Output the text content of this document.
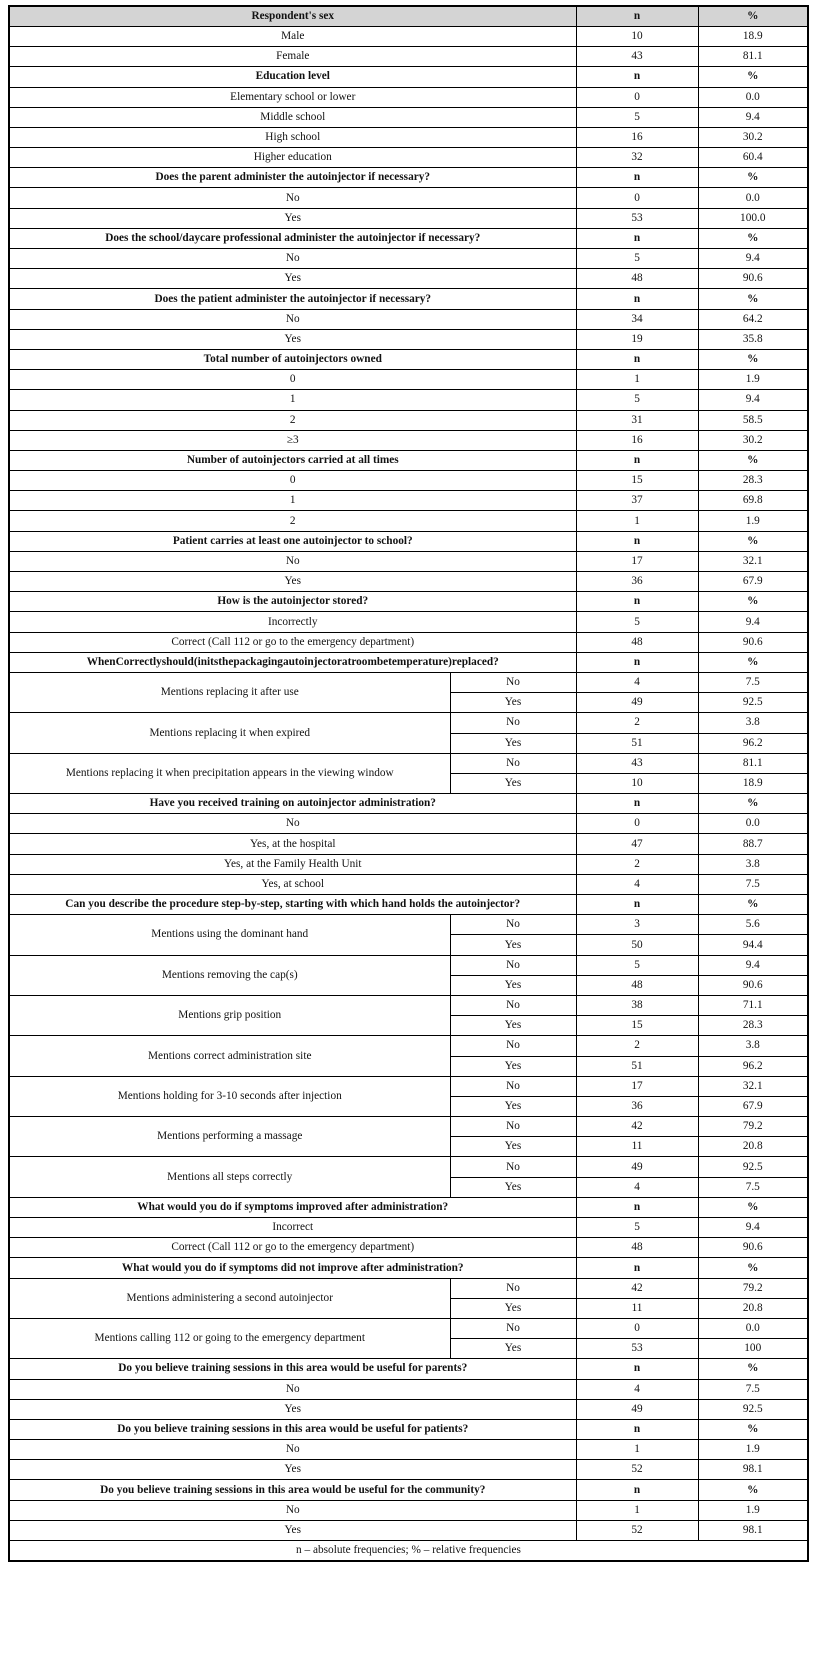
Respondent's sex		n	%
Male		10	18.9
Female		43	81.1
Education level		n	%
Elementary school or lower		0	0.0
Middle school		5	9.4
High school		16	30.2
Higher education		32	60.4
Does the parent administer the autoinjector if necessary?		n	%
No		0	0.0
Yes		53	100.0
Does the school/daycare professional administer the autoinjector if necessary?		n	%
No		5	9.4
Yes		48	90.6
Does the patient administer the autoinjector if necessary?		n	%
No		34	64.2
Yes		19	35.8
Total number of autoinjectors owned		n	%
0		1	1.9
1		5	9.4
2		31	58.5
≥3		16	30.2
Number of autoinjectors carried at all times		n	%
0		15	28.3
1		37	69.8
2		1	1.9
Patient carries at least one autoinjector to school?		n	%
No		17	32.1
Yes		36	67.9
How is the autoinjector stored?		n	%
Incorrectly		5	9.4
Correct (Call 112 or go to the emergency department)		48	90.6
WhenCorrectlyshould(initsthepackagingautoinjectoratroombetemperature)replaced?		n	%
Mentions replacing it after use	No	4	7.5
	Yes	49	92.5
Mentions replacing it when expired	No	2	3.8
	Yes	51	96.2
Mentions replacing it when precipitation appears in the viewing window	No	43	81.1
	Yes	10	18.9
Have you received training on autoinjector administration?		n	%
No		0	0.0
Yes, at the hospital		47	88.7
Yes, at the Family Health Unit		2	3.8
Yes, at school		4	7.5
Can you describe the procedure step-by-step, starting with which hand holds the autoinjector?		n	%
Mentions using the dominant hand	No	3	5.6
	Yes	50	94.4
Mentions removing the cap(s)	No	5	9.4
	Yes	48	90.6
Mentions grip position	No	38	71.1
	Yes	15	28.3
Mentions correct administration site	No	2	3.8
	Yes	51	96.2
Mentions holding for 3-10 seconds after injection	No	17	32.1
	Yes	36	67.9
Mentions performing a massage	No	42	79.2
	Yes	11	20.8
Mentions all steps correctly	No	49	92.5
	Yes	4	7.5
What would you do if symptoms improved after administration?		n	%
Incorrect		5	9.4
Correct (Call 112 or go to the emergency department)		48	90.6
What would you do if symptoms did not improve after administration?		n	%
Mentions administering a second autoinjector	No	42	79.2
	Yes	11	20.8
Mentions calling 112 or going to the emergency department	No	0	0.0
	Yes	53	100
Do you believe training sessions in this area would be useful for parents?		n	%
No		4	7.5
Yes		49	92.5
Do you believe training sessions in this area would be useful for patients?		n	%
No		1	1.9
Yes		52	98.1
Do you believe training sessions in this area would be useful for the community?		n	%
No		1	1.9
Yes		52	98.1
n – absolute frequencies; % – relative frequencies			
